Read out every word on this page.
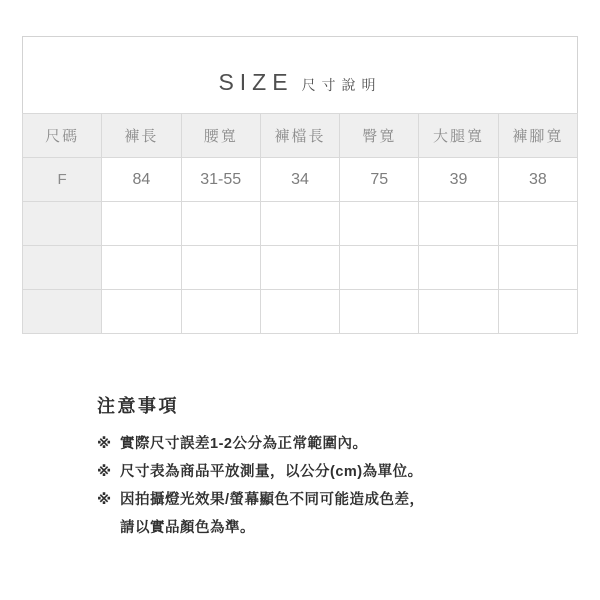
SIZE 尺寸說明
尺碼	褲長	腰寬	褲檔長	臀寬	大腿寬	褲腳寬
F	84	31-55	34	75	39	38

注意事項
※ 實際尺寸誤差1-2公分為正常範圍內。
※ 尺寸表為商品平放測量，以公分(cm)為單位。
※ 因拍攝燈光效果/螢幕顯色不同可能造成色差，
請以實品顏色為準。
